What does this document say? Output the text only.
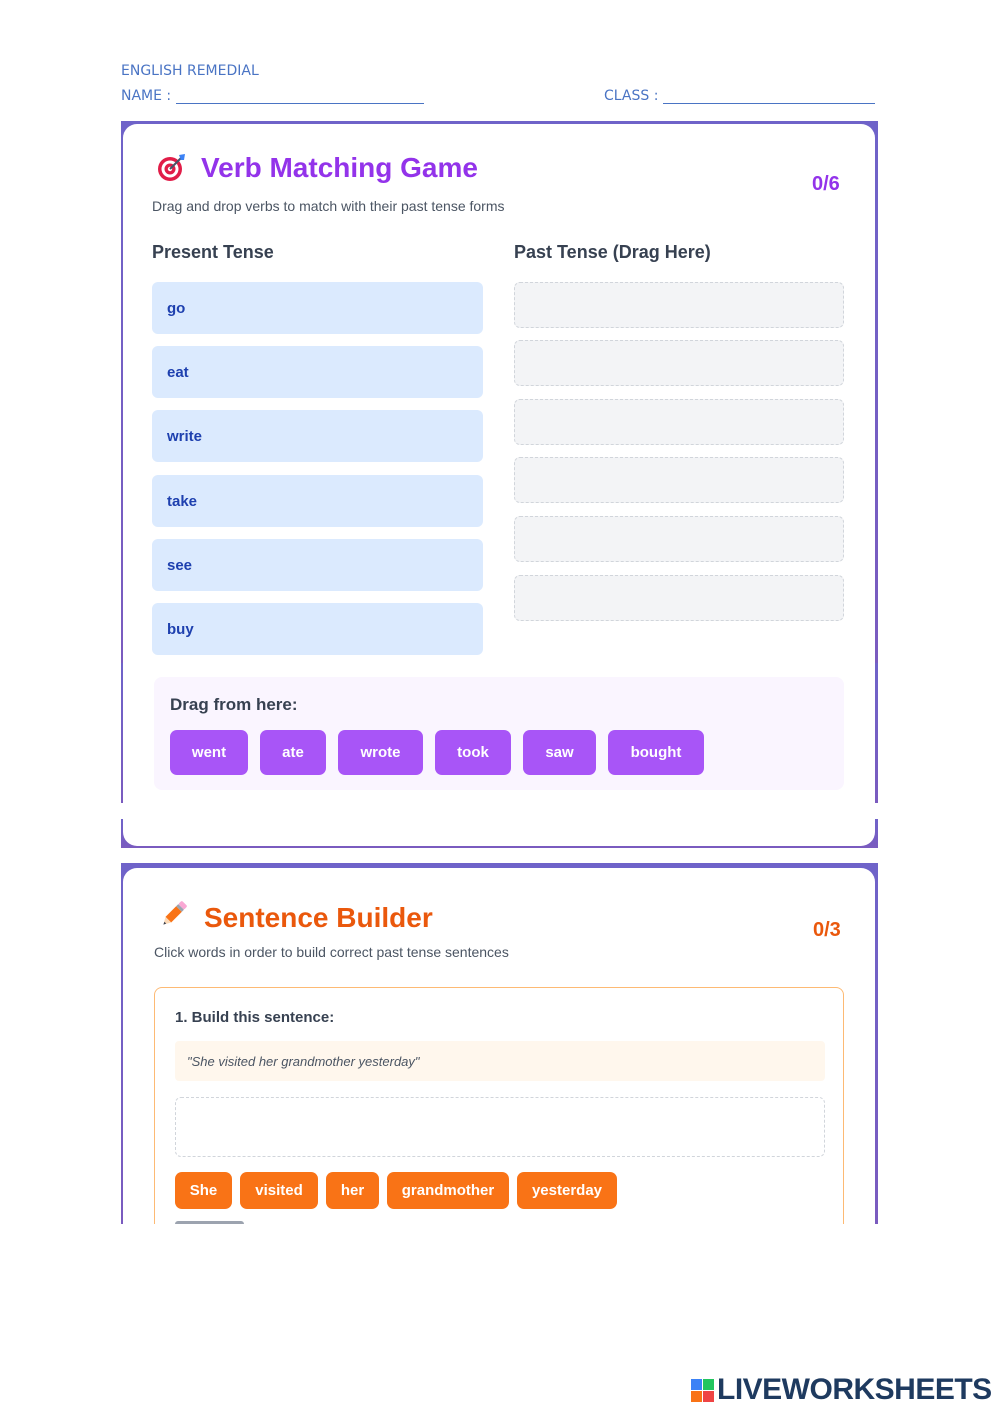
ENGLISH REMEDIAL
NAME :	CLASS :
Verb Matching Game
0/6
Drag and drop verbs to match with their past tense forms
Present Tense	Past Tense (Drag Here)
go
eat
write
take
see
buy
Drag from here:
went	ate	wrote	took	saw	bought
Sentence Builder	0/3
Click words in order to build correct past tense sentences
1. Build this sentence:
"She visited her grandmother yesterday"
She	visited	her	grandmother	yesterday
LIVEWORKSHEETS
